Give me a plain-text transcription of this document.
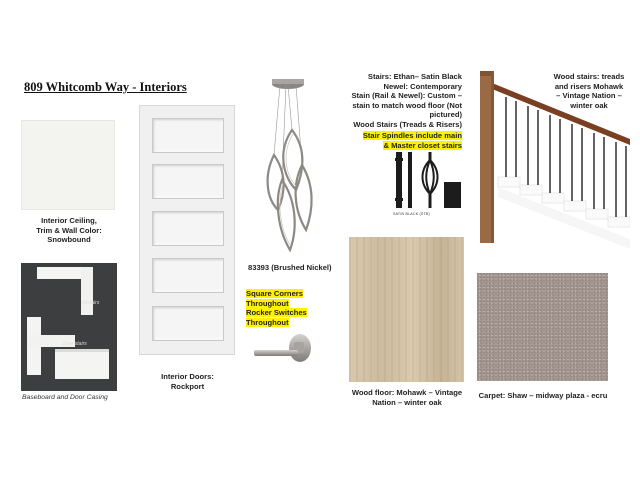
809 Whitcomb Way - Interiors
Interior Ceiling,
Trim & Wall Color:
Snowbound
Upstairs
Downstairs
Baseboard and Door Casing
Interior Doors:
Rockport
83393 (Brushed Nickel)
Square Corners Throughout
Rocker Switches Throughout
Stairs: Ethan– Satin Black
Newel: Contemporary
Stain (Rail & Newel): Custom –
stain to match wood floor (Not pictured)
Wood Stairs (Treads & Risers)
Stair Spindles include main
& Master closet stairs
SATIN BLACK (STB)
Wood stairs: treads
and risers Mohawk
– Vintage Nation –
winter oak
Wood floor: Mohawk – Vintage
Nation – winter oak
Carpet: Shaw – midway plaza - ecru
